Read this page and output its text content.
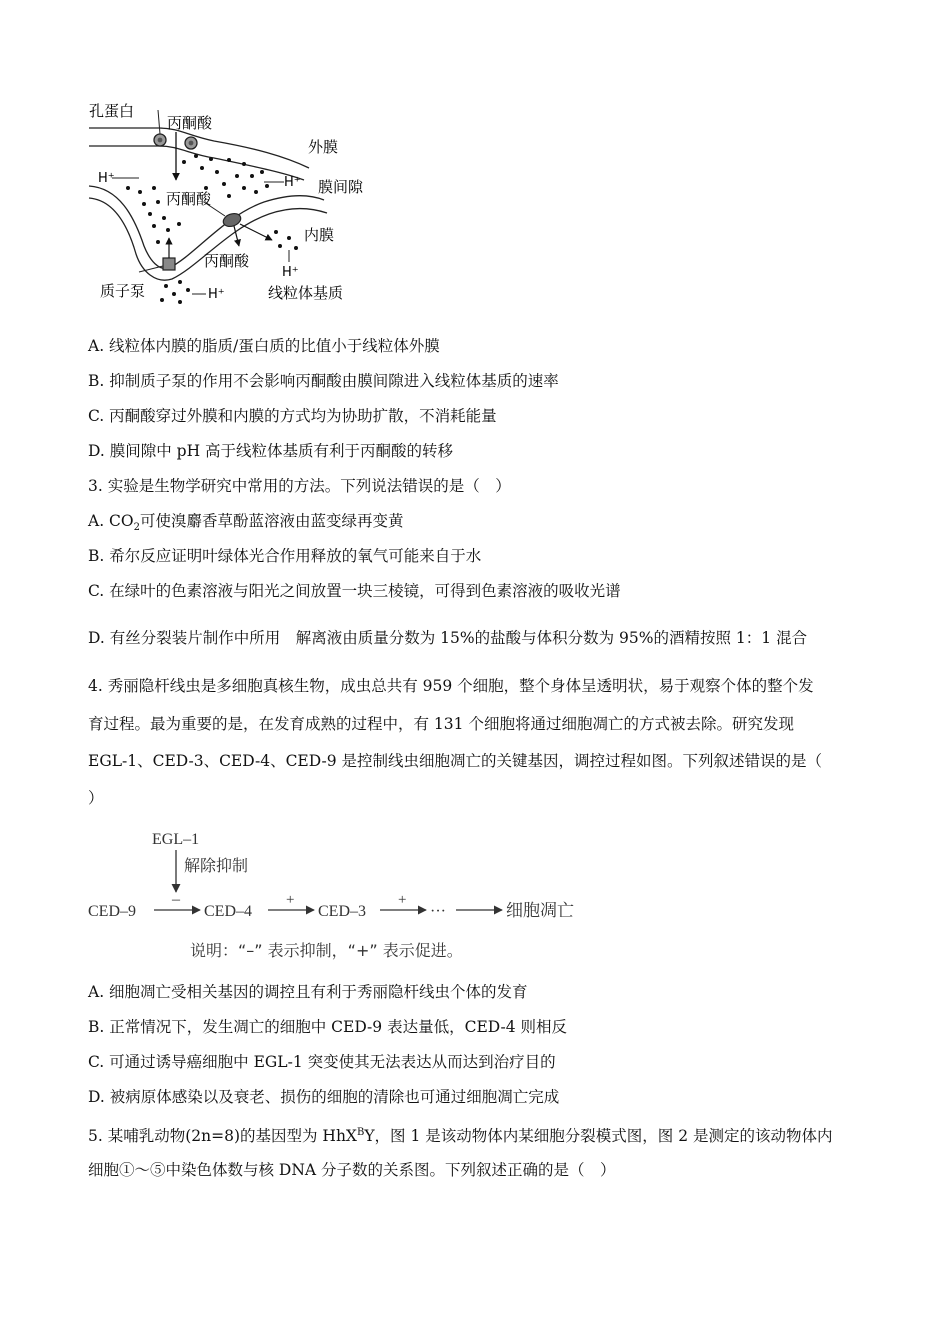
孔蛋白
丙酮酸
外膜
膜间隙
H⁺	H⁺
丙酮酸
内膜
丙酮酸
H⁺
质子泵	H⁺	线粒体基质
A. 线粒体内膜的脂质/蛋白质的比值小于线粒体外膜
B. 抑制质子泵的作用不会影响丙酮酸由膜间隙进入线粒体基质的速率
C. 丙酮酸穿过外膜和内膜的方式均为协助扩散，不消耗能量
D. 膜间隙中 pH 高于线粒体基质有利于丙酮酸的转移
3. 实验是生物学研究中常用的方法。下列说法错误的是（　）
A. $CO_2$可使溴麝香草酚蓝溶液由蓝变绿再变黄
B. 希尔反应证明叶绿体光合作用释放的氧气可能来自于水
C. 在绿叶的色素溶液与阳光之间放置一块三棱镜，可得到色素溶液的吸收光谱
D. 有丝分裂装片制作中所用　解离液由质量分数为 15%的盐酸与体积分数为 95%的酒精按照 1：1 混合
4. 秀丽隐杆线虫是多细胞真核生物，成虫总共有 959 个细胞，整个身体呈透明状，易于观察个体的整个发
育过程。最为重要的是，在发育成熟的过程中，有 131 个细胞将通过细胞凋亡的方式被去除。研究发现
EGL-1、CED-3、CED-4、CED-9 是控制线虫细胞凋亡的关键基因，调控过程如图。下列叙述错误的是（
）
EGL–1
解除抑制
CED–9
–
CED–4
+
CED–3
+
···	细胞凋亡
说明：“–” 表示抑制，“+” 表示促进。
A. 细胞凋亡受相关基因的调控且有利于秀丽隐杆线虫个体的发育
B. 正常情况下，发生凋亡的细胞中 CED-9 表达量低，CED-4 则相反
C. 可通过诱导癌细胞中 EGL-1 突变使其无法表达从而达到治疗目的
D. 被病原体感染以及衰老、损伤的细胞的清除也可通过细胞凋亡完成
5. 某哺乳动物(2n=8)的基因型为 HhX$^B$Y，图 1 是该动物体内某细胞分裂模式图，图 2 是测定的该动物体内
细胞①～⑤中染色体数与核 DNA 分子数的关系图。下列叙述正确的是（　）
